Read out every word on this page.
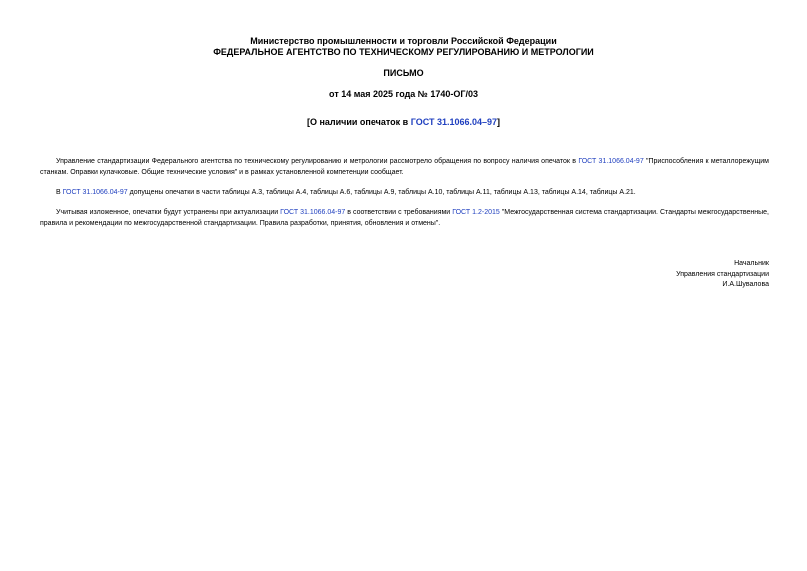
Министерство промышленности и торговли Российской Федерации
ФЕДЕРАЛЬНОЕ АГЕНТСТВО ПО ТЕХНИЧЕСКОМУ РЕГУЛИРОВАНИЮ И МЕТРОЛОГИИ
ПИСЬМО
от 14 мая 2025 года № 1740-ОГ/03
[О наличии опечаток в ГОСТ 31.1066.04–97]

Управление стандартизации Федерального агентства по техническому регулированию и метрологии рассмотрело обращения по вопросу наличия опечаток в ГОСТ 31.1066.04-97 "Приспособления к металлорежущим станкам. Оправки кулачковые. Общие технические условия" и в рамках установленной компетенции сообщает.

В ГОСТ 31.1066.04-97 допущены опечатки в части таблицы А.3, таблицы А.4, таблицы А.6, таблицы А.9, таблицы А.10, таблицы А.11, таблицы А.13, таблицы А.14, таблицы А.21.

Учитывая изложенное, опечатки будут устранены при актуализации ГОСТ 31.1066.04-97 в соответствии с требованиями ГОСТ 1.2-2015 "Межгосударственная система стандартизации. Стандарты межгосударственные, правила и рекомендации по межгосударственной стандартизации. Правила разработки, принятия, обновления и отмены".

Начальник
Управления стандартизации
И.А.Шувалова
